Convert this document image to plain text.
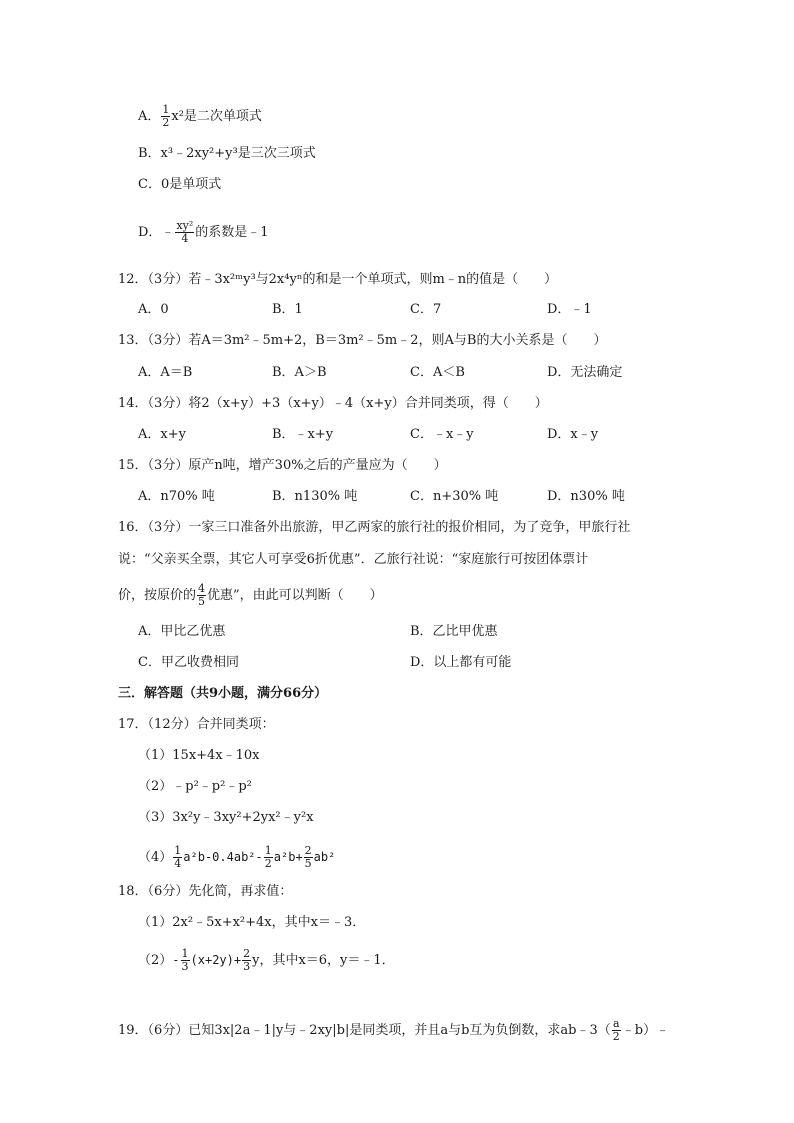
A． $\frac{1}{2} x^2$是二次单项式
B．x³﹣2xy²+y³是三次三项式
C．0是单项式
D．﹣ $\frac{\text{xy²}}{4}$ 的系数是﹣1
12．（3分）若﹣3x²ᵐy³与2x⁴yⁿ的和是一个单项式，则m﹣n的值是（　　）
A．0	B．1	C．7	D．﹣1
13．（3分）若A＝3m²﹣5m+2，B＝3m²﹣5m﹣2，则A与B的大小关系是（　　）
A．A＝B	B．A＞B	C．A＜B	D．无法确定
14．（3分）将2（x+y）+3（x+y）﹣4（x+y）合并同类项，得（　　）
A．x+y	B．﹣x+y	C．﹣x﹣y	D．x﹣y
15．（3分）原产n吨，增产30%之后的产量应为（　　）
A．n70% 吨	B．n130% 吨	C．n+30% 吨	D．n30% 吨
16．（3分）一家三口准备外出旅游，甲乙两家的旅行社的报价相同，为了竞争，甲旅行社
说：“父亲买全票，其它人可享受6折优惠”．乙旅行社说：“家庭旅行可按团体票计
价，按原价的 $\frac{4}{5}$ 优惠”，由此可以判断（　　）
A．甲比乙优惠	B．乙比甲优惠
C．甲乙收费相同	D．以上都有可能
三．解答题（共9小题，满分66分）
17．（12分）合并同类项：
（1）15x+4x﹣10x
（2）﹣p²﹣p²﹣p²
（3）3x²y﹣3xy²+2yx²﹣y²x
$(4) \frac{1}{4} a^2b-0.4ab^2- \frac{1}{2} a^2b+ \frac{2}{5} ab^2$
18．（6分）先化简，再求值：
（1）2x²﹣5x+x²+4x，其中x＝﹣3．
$(2)- \frac{1}{3} (x+2y)+ \frac{2}{3}$ y，其中x＝6，y＝﹣1．
19．（6分）已知3x|2a﹣1|y与﹣2xy|b|是同类项，并且a与b互为负倒数，求ab﹣3（ $\frac{a}{2}$ ﹣b）﹣
